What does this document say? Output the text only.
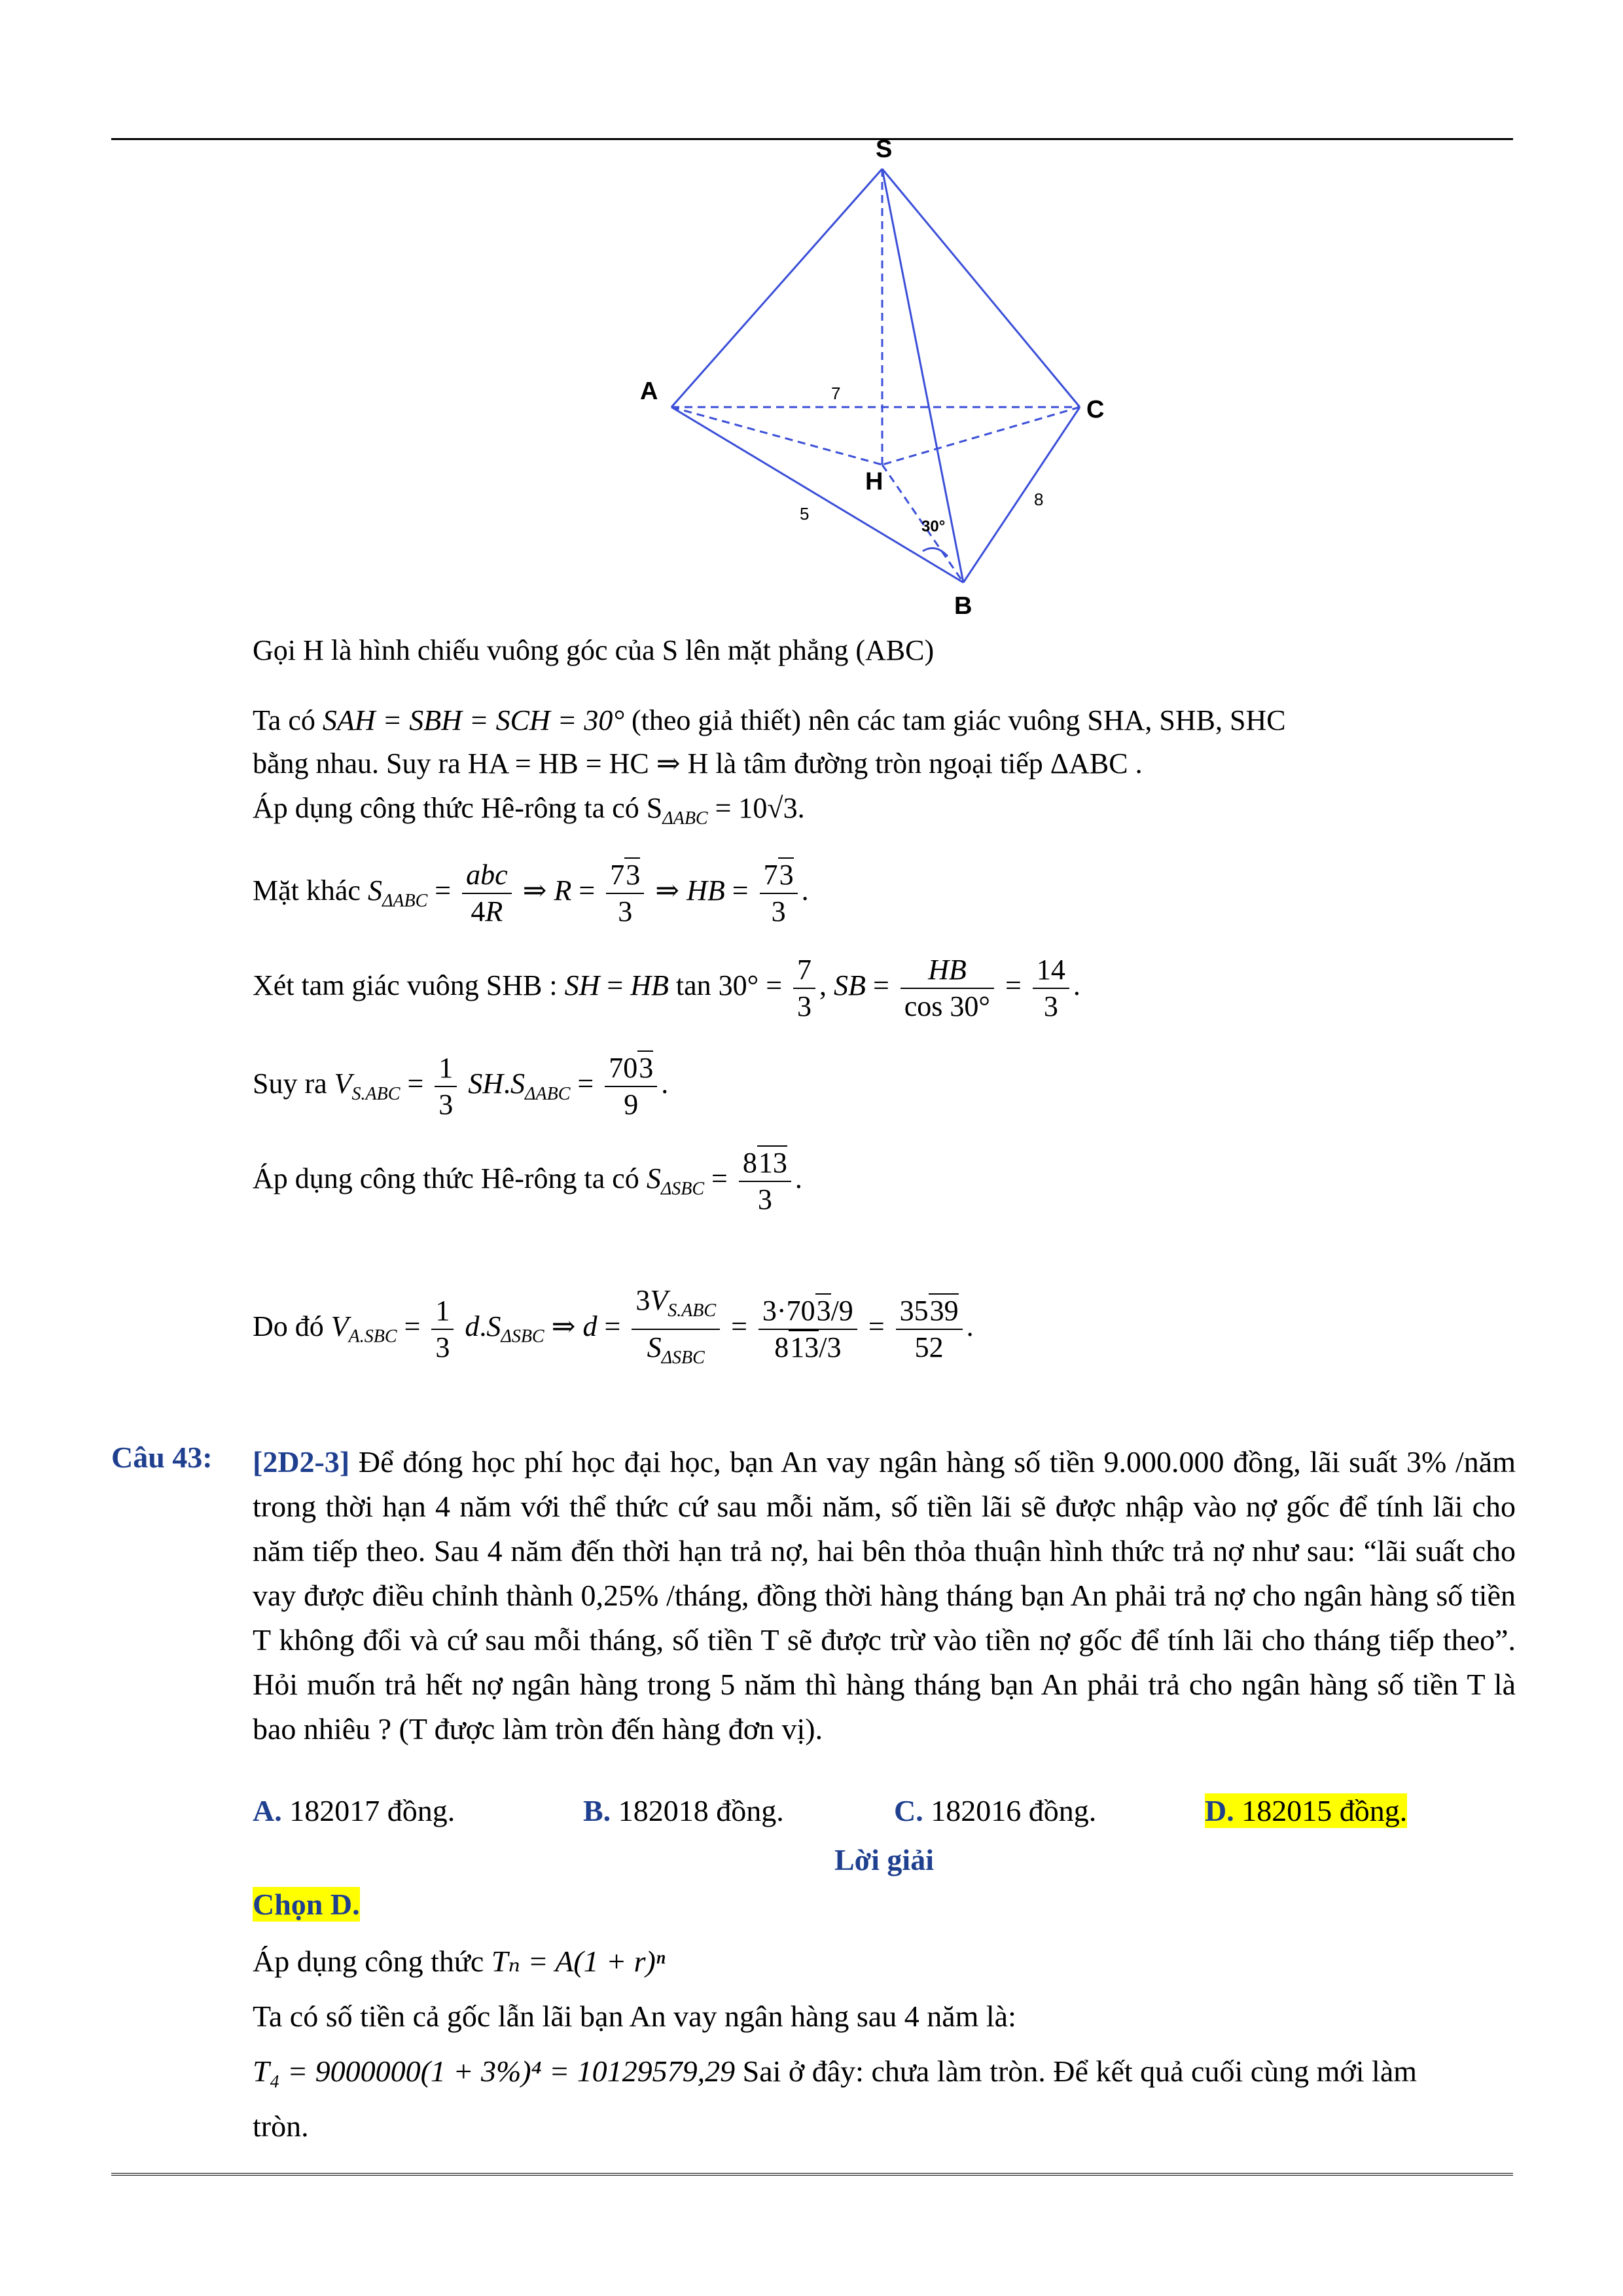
S
A
C
H
B
7
5
8
30°
Gọi H là hình chiếu vuông góc của S lên mặt phẳng (ABC)
Ta có SAH = SBH = SCH = 30° (theo giả thiết) nên các tam giác vuông SHA, SHB, SHC
bằng nhau. Suy ra HA = HB = HC ⇒ H là tâm đường tròn ngoại tiếp ΔABC .
Áp dụng công thức Hê-rông ta có $S_{\Delta ABC} = 10√3$.
Mặt khác $S_{\Delta ABC} = \frac{\text{abc}}{4R}$ ⇒ $R = \frac{73}{3}$ ⇒ HB = $\frac{73}{3}$ .
Xét tam giác vuông SHB : SH = HB $\tan 30^\circ = \frac{7}{3}$ , SB = $\frac{HB}{\cos 30^\circ} = \frac{14}{3}$ .
Suy ra $V_{S.ABC} = \frac{1}{3} SH.S_{\Delta ABC} = \frac{703}{9}$ .
Áp dụng công thức Hê-rông ta có $S_{\Delta SBC} = \frac{813}{3}$ .
Do đó $V_{A.SBC} = \frac{1}{3} d.S_{\Delta SBC}$ ⇒ $d = \frac{3V_{S.ABC}}{S_{\Delta SBC}} = \frac{3\cdot 703/9}{813/3} = \frac{3539}{52}$ .
Câu 43: [2D2-3] Để đóng học phí học đại học, bạn An vay ngân hàng số tiền 9.000.000 đồng, lãi suất 3% /năm trong thời hạn 4 năm với thể thức cứ sau mỗi năm, số tiền lãi sẽ được nhập vào nợ gốc để tính lãi cho năm tiếp theo. Sau 4 năm đến thời hạn trả nợ, hai bên thỏa thuận hình thức trả nợ như sau: “lãi suất cho vay được điều chỉnh thành 0,25% /tháng, đồng thời hàng tháng bạn An phải trả nợ cho ngân hàng số tiền T không đổi và cứ sau mỗi tháng, số tiền T sẽ được trừ vào tiền nợ gốc để tính lãi cho tháng tiếp theo”. Hỏi muốn trả hết nợ ngân hàng trong 5 năm thì hàng tháng bạn An phải trả cho ngân hàng số tiền T là bao nhiêu ? (T được làm tròn đến hàng đơn vị).
A. 182017 đồng.	B. 182018 đồng.	C. 182016 đồng.	D. 182015 đồng.
Lời giải
Chọn D.
Áp dụng công thức Tₙ = A(1 + r)ⁿ
Ta có số tiền cả gốc lẫn lãi bạn An vay ngân hàng sau 4 năm là:
T₄ = 9000000(1 + 3%)⁴ = 10129579,29 Sai ở đây: chưa làm tròn. Để kết quả cuối cùng mới làm
tròn.
